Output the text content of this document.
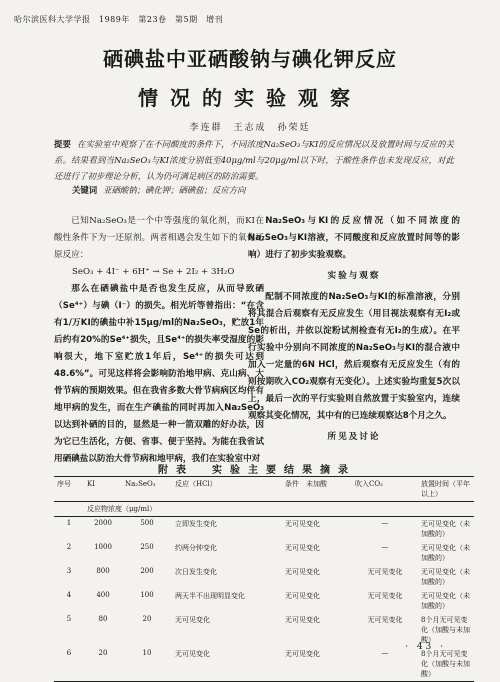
哈尔滨医科大学学报　1989年　第23卷　第5期　增刊
硒碘盐中亚硒酸钠与碘化钾反应
情况的实验观察
李连群　王志成　孙荣廷
提要 在实验室中观察了在不同酸度的条件下，不同浓度Na₂SeO₃与KI的反应情况以及放置时间与反应的关系。结果看到当Na₂SeO₃与KI浓度分别低至40μg/ml与20μg/ml以下时，于酸性条件也未发现反应，对此还进行了初步理论分析，认为仍可满足病区的防治需要。
关键词 亚硒酸钠；碘化钾；硒碘盐；反应方向

已知Na₂SeO₃是一个中等强度的氧化剂，而KI在酸性条件下为一还原剂。两者相遇会发生如下的氧化还原反应：

SeO₃ + 4I⁻ + 6H⁺ → Se + 2I₂ + 3H₂O

那么在硒碘盐中是否也发生反应，从而导致硒（Se⁴⁺）与碘（I⁻）的损失。相光圻等曾指出：“在含有1/万KI的碘盐中补15μg/ml的Na₂SeO₃，贮放1年后约有20%的Se⁴⁺损失，且Se⁴⁺的损失率受湿度的影响很大，地下室贮放1年后，Se⁴⁺的损失可达到48.6%”。可见这样将会影响防治地甲病、克山病、大骨节病的预期效果。但在我省多数大骨节病病区均伴有地甲病的发生，而在生产碘盐的同时再加入Na₂SeO₃以达到补硒的目的，显然是一种一箭双雕的好办法，因为它已生活化，方便、省事、便于坚持。为能在我省试用硒碘盐以防治大骨节病和地甲病，我们在实验室中对

Na₂SeO₃与KI的反应情况（如不同浓度的Na₂SeO₃与KI溶液，不同酸度和反应放置时间等的影响）进行了初步实验观察。

实验与观察

配制不同浓度的Na₂SeO₃与KI的标准溶液，分别将其混合后观察有无反应发生（用目视法观察有无I₂或Se的析出，并依以淀粉试剂检查有无I₂的生成）。在平行实验中分别向不同浓度的Na₂SeO₃与KI的混合液中加入一定量的6N HCl，然后观察有无反应发生（有的则按期吹入CO₂观察有无变化）。上述实验均重复5次以上，最后一次的平行实验则自然放置于实验室内，连续观察其变化情况，其中有的已连续观察达8个月之久。

所见及讨论
附表　实验主要结果摘录
序号	KI	Na₂SeO₃	反应（HCl）	条件　未加酸	吹入CO₂	放置时间（平年以上）
	反应物浓度（μg/ml）					
1	2000	500	立即发生变化	无可见变化	—	无可见变化（未加酸的）
2	1000	250	约两分钟变化	无可见变化	—	无可见变化（未加酸的）
3	800	200	次日发生变化	无可见变化	无可见变化	无可见变化（未加酸的）
4	400	100	两天半不出现明显变化	无可见变化	无可见变化	无可见变化（未加酸的）
5	80	20	无可见变化	无可见变化	无可见变化	8个月无可见变化（加酸与未加酸）
6	20	10	无可见变化	无可见变化	—	8个月无可见变化（加酸与未加酸）
· 43 ·
